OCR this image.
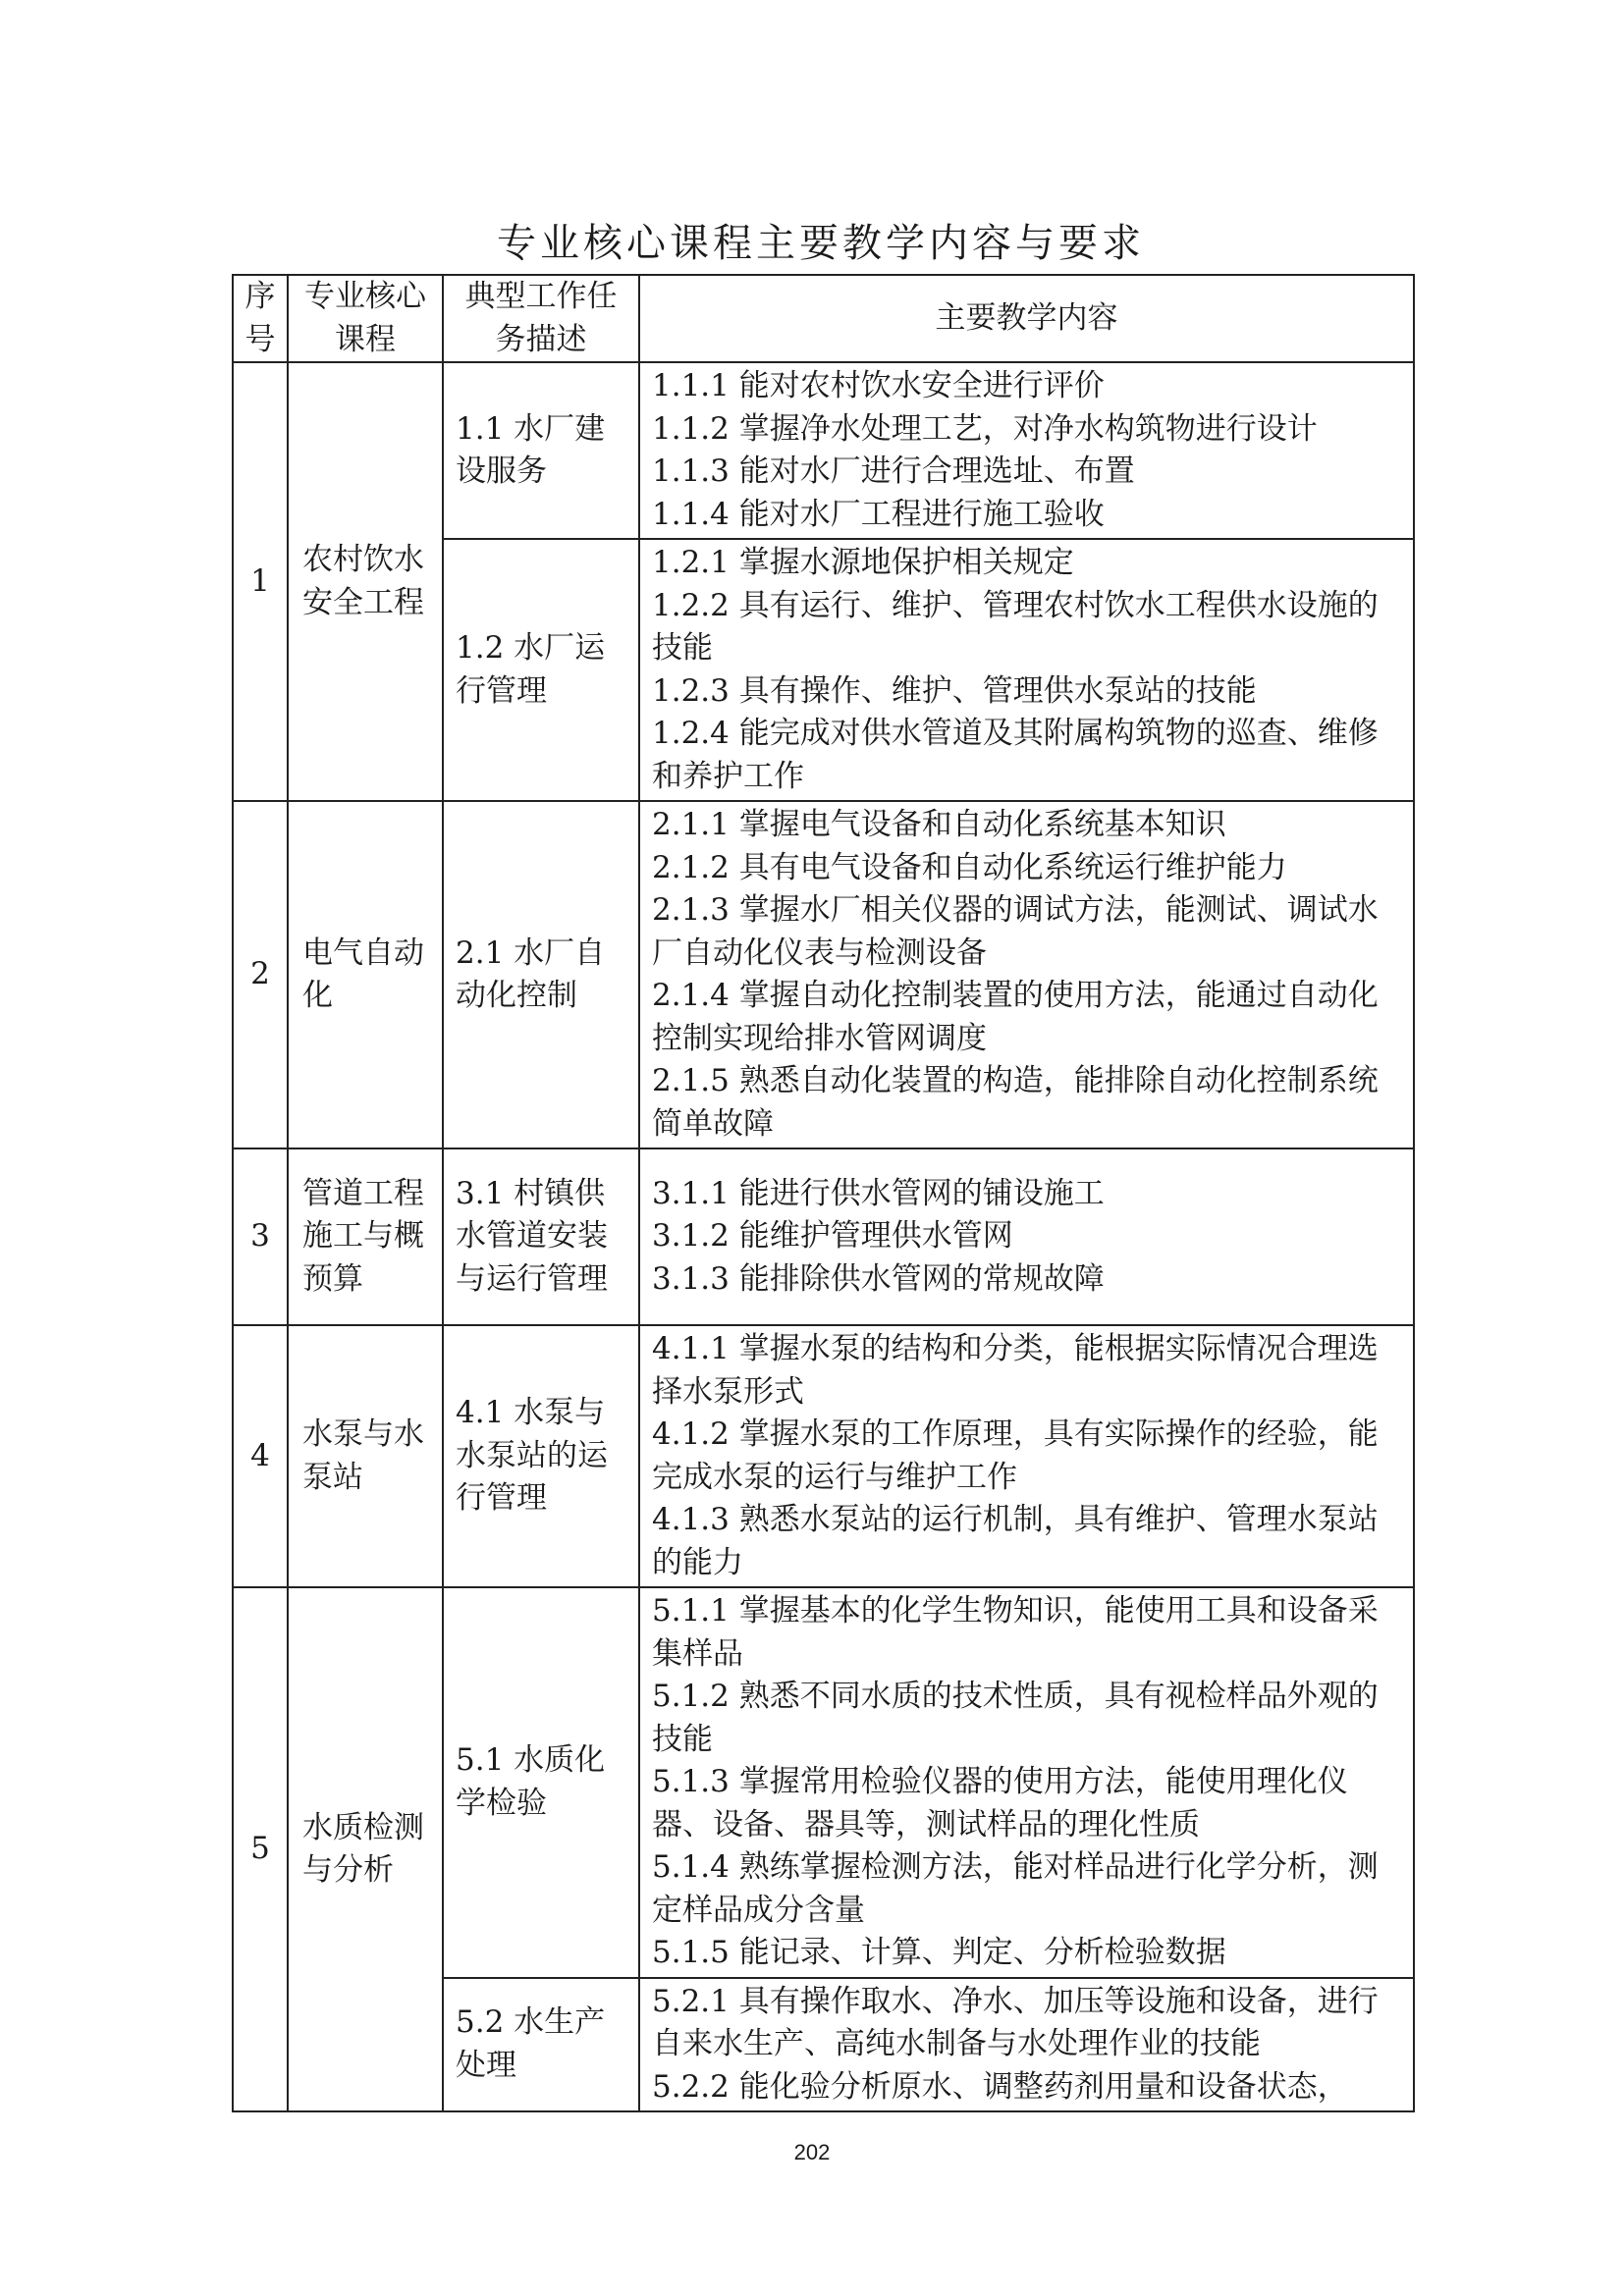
专业核心课程主要教学内容与要求
序号	专业核心课程	典型工作任务描述	主要教学内容
1	农村饮水安全工程	1.1 水厂建设服务	1.1.1 能对农村饮水安全进行评价
1.1.2 掌握净水处理工艺，对净水构筑物进行设计
1.1.3 能对水厂进行合理选址、布置
1.1.4 能对水厂工程进行施工验收

		1.2 水厂运行管理	1.2.1 掌握水源地保护相关规定
1.2.2 具有运行、维护、管理农村饮水工程供水设施的技能
1.2.3 具有操作、维护、管理供水泵站的技能
1.2.4 能完成对供水管道及其附属构筑物的巡查、维修和养护工作

2	电气自动化	2.1 水厂自动化控制	2.1.1 掌握电气设备和自动化系统基本知识
2.1.2 具有电气设备和自动化系统运行维护能力
2.1.3 掌握水厂相关仪器的调试方法，能测试、调试水厂自动化仪表与检测设备
2.1.4 掌握自动化控制装置的使用方法，能通过自动化控制实现给排水管网调度
2.1.5 熟悉自动化装置的构造，能排除自动化控制系统简单故障

3	管道工程施工与概预算	3.1 村镇供水管道安装与运行管理	3.1.1 能进行供水管网的铺设施工
3.1.2 能维护管理供水管网
3.1.3 能排除供水管网的常规故障

4	水泵与水泵站	4.1 水泵与水泵站的运行管理	4.1.1 掌握水泵的结构和分类，能根据实际情况合理选择水泵形式
4.1.2 掌握水泵的工作原理，具有实际操作的经验，能完成水泵的运行与维护工作
4.1.3 熟悉水泵站的运行机制，具有维护、管理水泵站的能力

5	水质检测与分析	5.1 水质化学检验	5.1.1 掌握基本的化学生物知识，能使用工具和设备采集样品
5.1.2 熟悉不同水质的技术性质，具有视检样品外观的技能
5.1.3 掌握常用检验仪器的使用方法，能使用理化仪器、设备、器具等，测试样品的理化性质
5.1.4 熟练掌握检测方法，能对样品进行化学分析，测定样品成分含量
5.1.5 能记录、计算、判定、分析检验数据

		5.2 水生产处理	5.2.1 具有操作取水、净水、加压等设施和设备，进行自来水生产、高纯水制备与水处理作业的技能
5.2.2 能化验分析原水、调整药剂用量和设备状态，
202
